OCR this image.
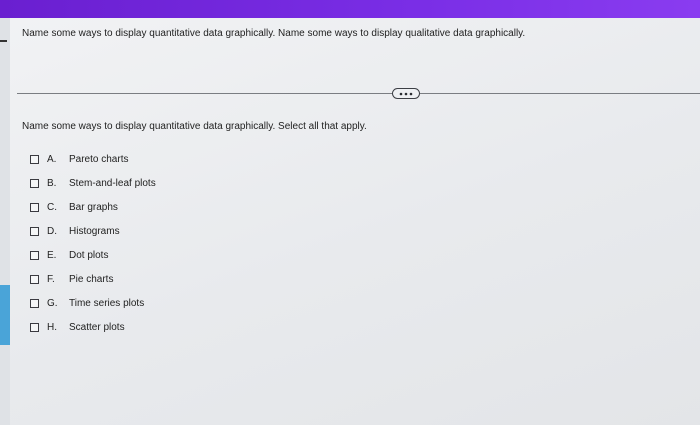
Name some ways to display quantitative data graphically. Name some ways to display qualitative data graphically.
Name some ways to display quantitative data graphically. Select all that apply.
A.	Pareto charts
B.	Stem-and-leaf plots
C.	Bar graphs
D.	Histograms
E.	Dot plots
F.	Pie charts
G.	Time series plots
H.	Scatter plots
